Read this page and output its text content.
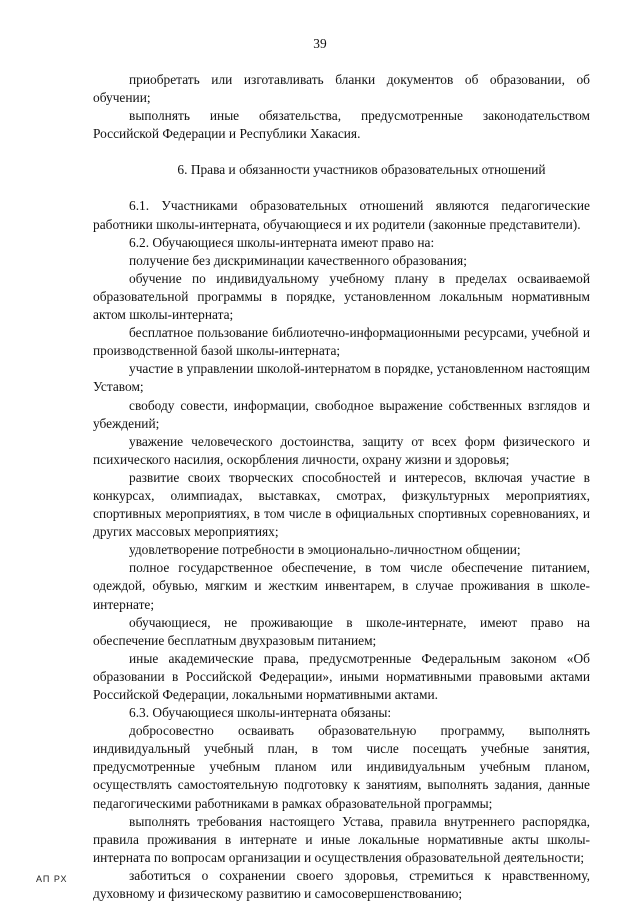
39

приобретать или изготавливать бланки документов об образовании, об обучении;

выполнять иные обязательства, предусмотренные законодательством Российской Федерации и Республики Хакасия.

6. Права и обязанности участников образовательных отношений

6.1. Участниками образовательных отношений являются педагогические работники школы-интерната, обучающиеся и их родители (законные представители).

6.2. Обучающиеся школы-интерната имеют право на:

получение без дискриминации качественного образования;

обучение по индивидуальному учебному плану в пределах осваиваемой образовательной программы в порядке, установленном локальным нормативным актом школы-интерната;

бесплатное пользование библиотечно-информационными ресурсами, учебной и производственной базой школы-интерната;

участие в управлении школой-интернатом в порядке, установленном настоящим Уставом;

свободу совести, информации, свободное выражение собственных взглядов и убеждений;

уважение человеческого достоинства, защиту от всех форм физического и психического насилия, оскорбления личности, охрану жизни и здоровья;

развитие своих творческих способностей и интересов, включая участие в конкурсах, олимпиадах, выставках, смотрах, физкультурных мероприятиях, спортивных мероприятиях, в том числе в официальных спортивных соревнованиях, и других массовых мероприятиях;

удовлетворение потребности в эмоционально-личностном общении;

полное государственное обеспечение, в том числе обеспечение питанием, одеждой, обувью, мягким и жестким инвентарем, в случае проживания в школе-интернате;

обучающиеся, не проживающие в школе-интернате, имеют право на обеспечение бесплатным двухразовым питанием;

иные академические права, предусмотренные Федеральным законом «Об образовании в Российской Федерации», иными нормативными правовыми актами Российской Федерации, локальными нормативными актами.

6.3. Обучающиеся школы-интерната обязаны:

добросовестно осваивать образовательную программу, выполнять индивидуальный учебный план, в том числе посещать учебные занятия, предусмотренные учебным планом или индивидуальным учебным планом, осуществлять самостоятельную подготовку к занятиям, выполнять задания, данные педагогическими работниками в рамках образовательной программы;

выполнять требования настоящего Устава, правила внутреннего распорядка, правила проживания в интернате и иные локальные нормативные акты школы-интерната по вопросам организации и осуществления образовательной деятельности;

заботиться о сохранении своего здоровья, стремиться к нравственному, духовному и физическому развитию и самосовершенствованию;

АП РХ
